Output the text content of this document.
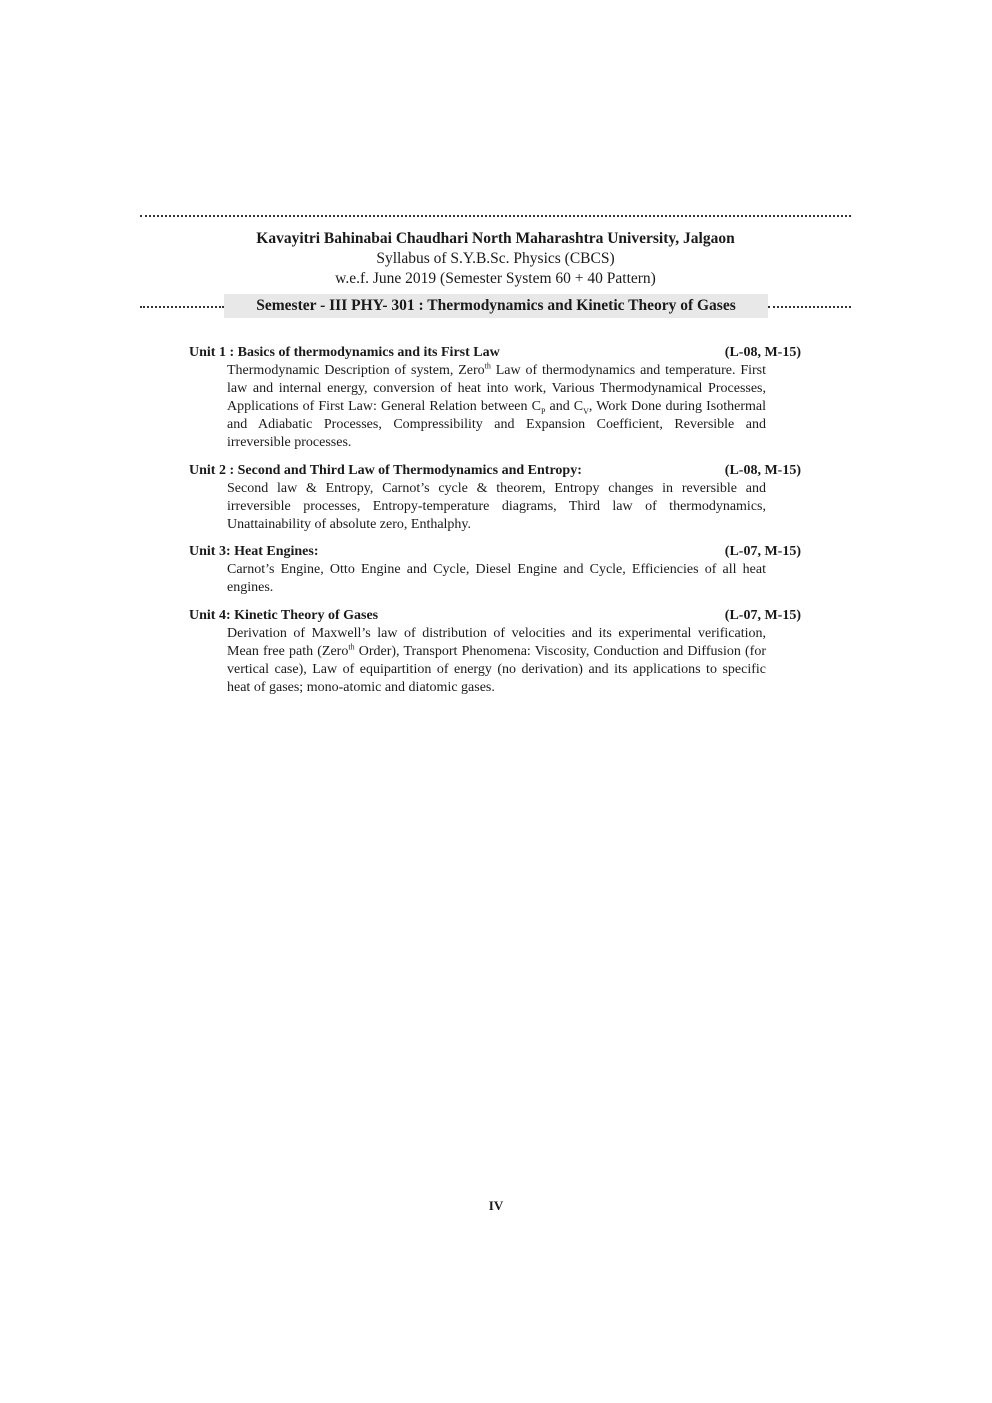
Kavayitri Bahinabai Chaudhari North Maharashtra University, Jalgaon
Syllabus of S.Y.B.Sc. Physics (CBCS)
w.e.f. June 2019 (Semester System 60 + 40 Pattern)
Semester - III PHY- 301 : Thermodynamics and Kinetic Theory of Gases
Unit 1 : Basics of thermodynamics and its First Law	(L-08, M-15)

Thermodynamic Description of system, Zero$^{th}$ Law of thermodynamics and temperature. First law and internal energy, conversion of heat into work, Various Thermodynamical Processes, Applications of First Law: General Relation between $C_P$ and $C_V$, Work Done during Isothermal and Adiabatic Processes, Compressibility and Expansion Coefficient, Reversible and irreversible processes.

Unit 2 : Second and Third Law of Thermodynamics and Entropy:	(L-08, M-15)

Second law & Entropy, Carnot’s cycle & theorem, Entropy changes in reversible and irreversible processes, Entropy-temperature diagrams, Third law of thermodynamics, Unattainability of absolute zero, Enthalphy.

Unit 3: Heat Engines:	(L-07, M-15)

Carnot’s Engine, Otto Engine and Cycle, Diesel Engine and Cycle, Efficiencies of all heat engines.

Unit 4: Kinetic Theory of Gases	(L-07, M-15)

Derivation of Maxwell’s law of distribution of velocities and its experimental verification, Mean free path (Zero$^{th}$ Order), Transport Phenomena: Viscosity, Conduction and Diffusion (for vertical case), Law of equipartition of energy (no derivation) and its applications to specific heat of gases; mono-atomic and diatomic gases.

IV
